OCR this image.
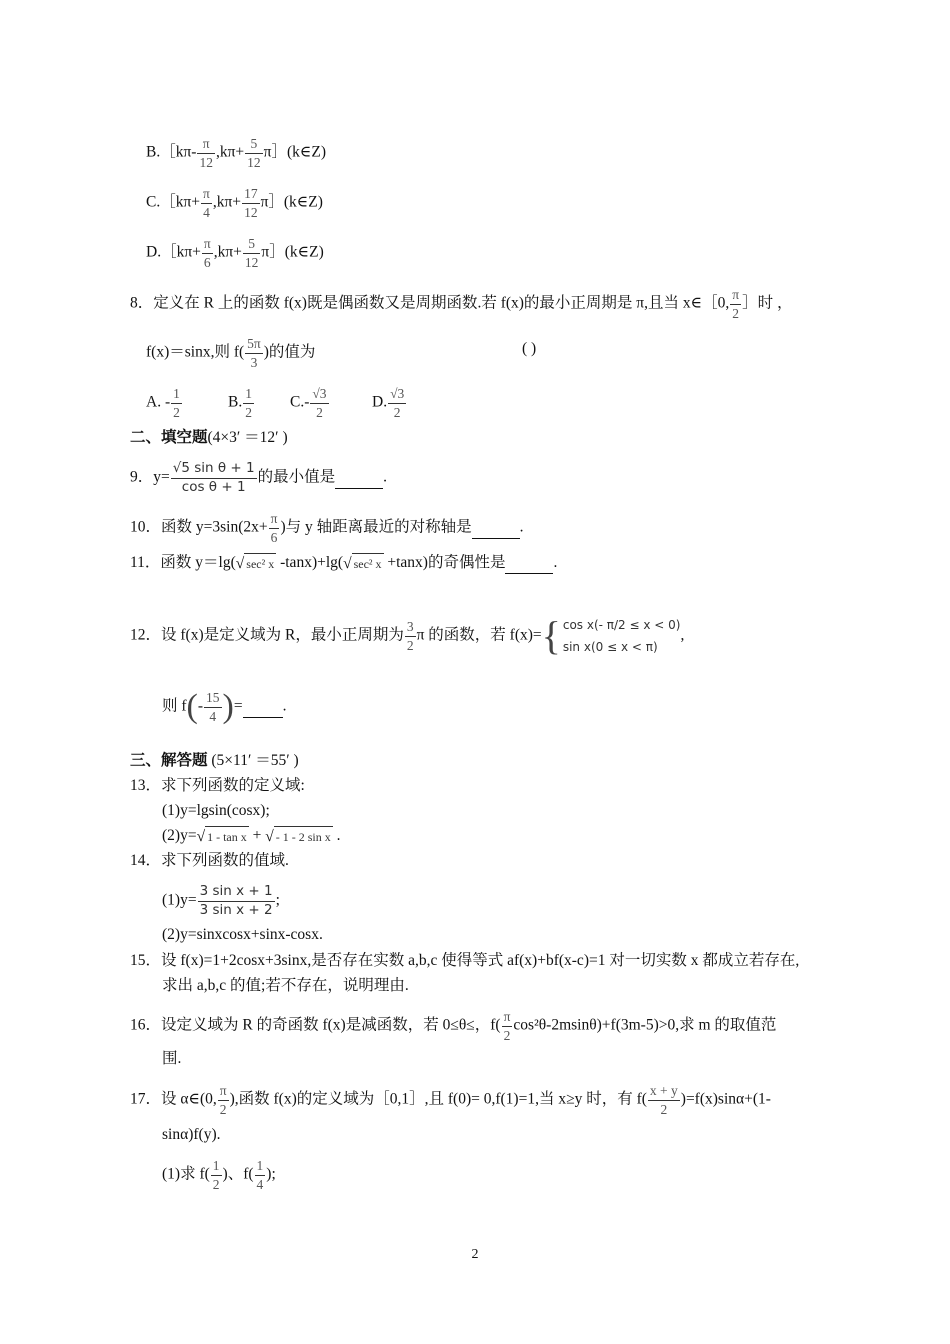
B.［kπ- $\frac{\pi}{12} ,k\pi+ \frac{5}{12}$ π］(k∈Z)
C.［kπ+ $\frac{\pi}{4} ,k\pi+ \frac{17}{12}$ π］(k∈Z)
D.［kπ+ $\frac{\pi}{6} ,k\pi+ \frac{5}{12}$ π］(k∈Z)
8．定义在 R 上的函数 f(x)既是偶函数又是周期函数.若 f(x)的最小正周期是 π,且当 x∈［0, $\frac{\pi}{2}$ ］时 ，
f(x)＝sinx,则 $f( \frac{5\pi}{3}$ )的值为	( )
A. - $\frac{1}{2}$	B. $\frac{1}{2} C.- \frac{√3}{2}$	D. $\frac{√3}{2}$
二、填空题(4×3′ ＝12′ )
9．$y= \frac{\text{√5 sin θ + 1}}{\text{cos θ + 1}}$ 的最小值是	.
10．函数 $y=3\sin(2x+ \frac{\pi}{6}$ )与 y 轴距离最近的对称轴是	.
11．函数 y＝lg(√ sec² x -tanx)+lg(√ sec² x +tanx)的奇偶性是	.
12．设 f(x)是定义域为 R，最小正周期为 $\frac{3}{2}$ π 的函数，若 f(x)={ cos x(- π/2 ≤ x < 0)
sin x(0 ≤ x < π)
,
则 $f(- \frac{15}{4}$ )=	.
三、解答题 (5×11′ ＝55′ )
13．求下列函数的定义域:
(1)y=lgsin(cosx);
(2)y=√ 1 - tan x + √ - 1 - 2 sin x .
14．求下列函数的值域.
$(1)y= \frac{\text{3 sin x + 1}}{\text{3 sin x + 2}}$ ;
(2)y=sinxcosx+sinx-cosx.
15．设 f(x)=1+2cosx+3sinx,是否存在实数 a,b,c 使得等式 af(x)+bf(x-c)=1 对一切实数 x 都成立若存在,
求出 a,b,c 的值;若不存在，说明理由.
16．设定义域为 R 的奇函数 f(x)是减函数，若 0≤θ≤，$f( \frac{\pi}{2} \cos^2\theta-2msin\theta)+f(3m-5)>0$,求 m 的取值范
围.
17．设 α∈(0, $\frac{\pi}{2}$ ),函数 f(x)的定义域为［0,1］,且 f(0)= 0,f(1)=1,当 x≥y 时，有 $f( \frac{x + y}{2} )=f(x)\sin\alpha+(1-$
sinα)f(y).
(1)求 $f( \frac{1}{2}$ )、$f( \frac{1}{4}$ );
2
